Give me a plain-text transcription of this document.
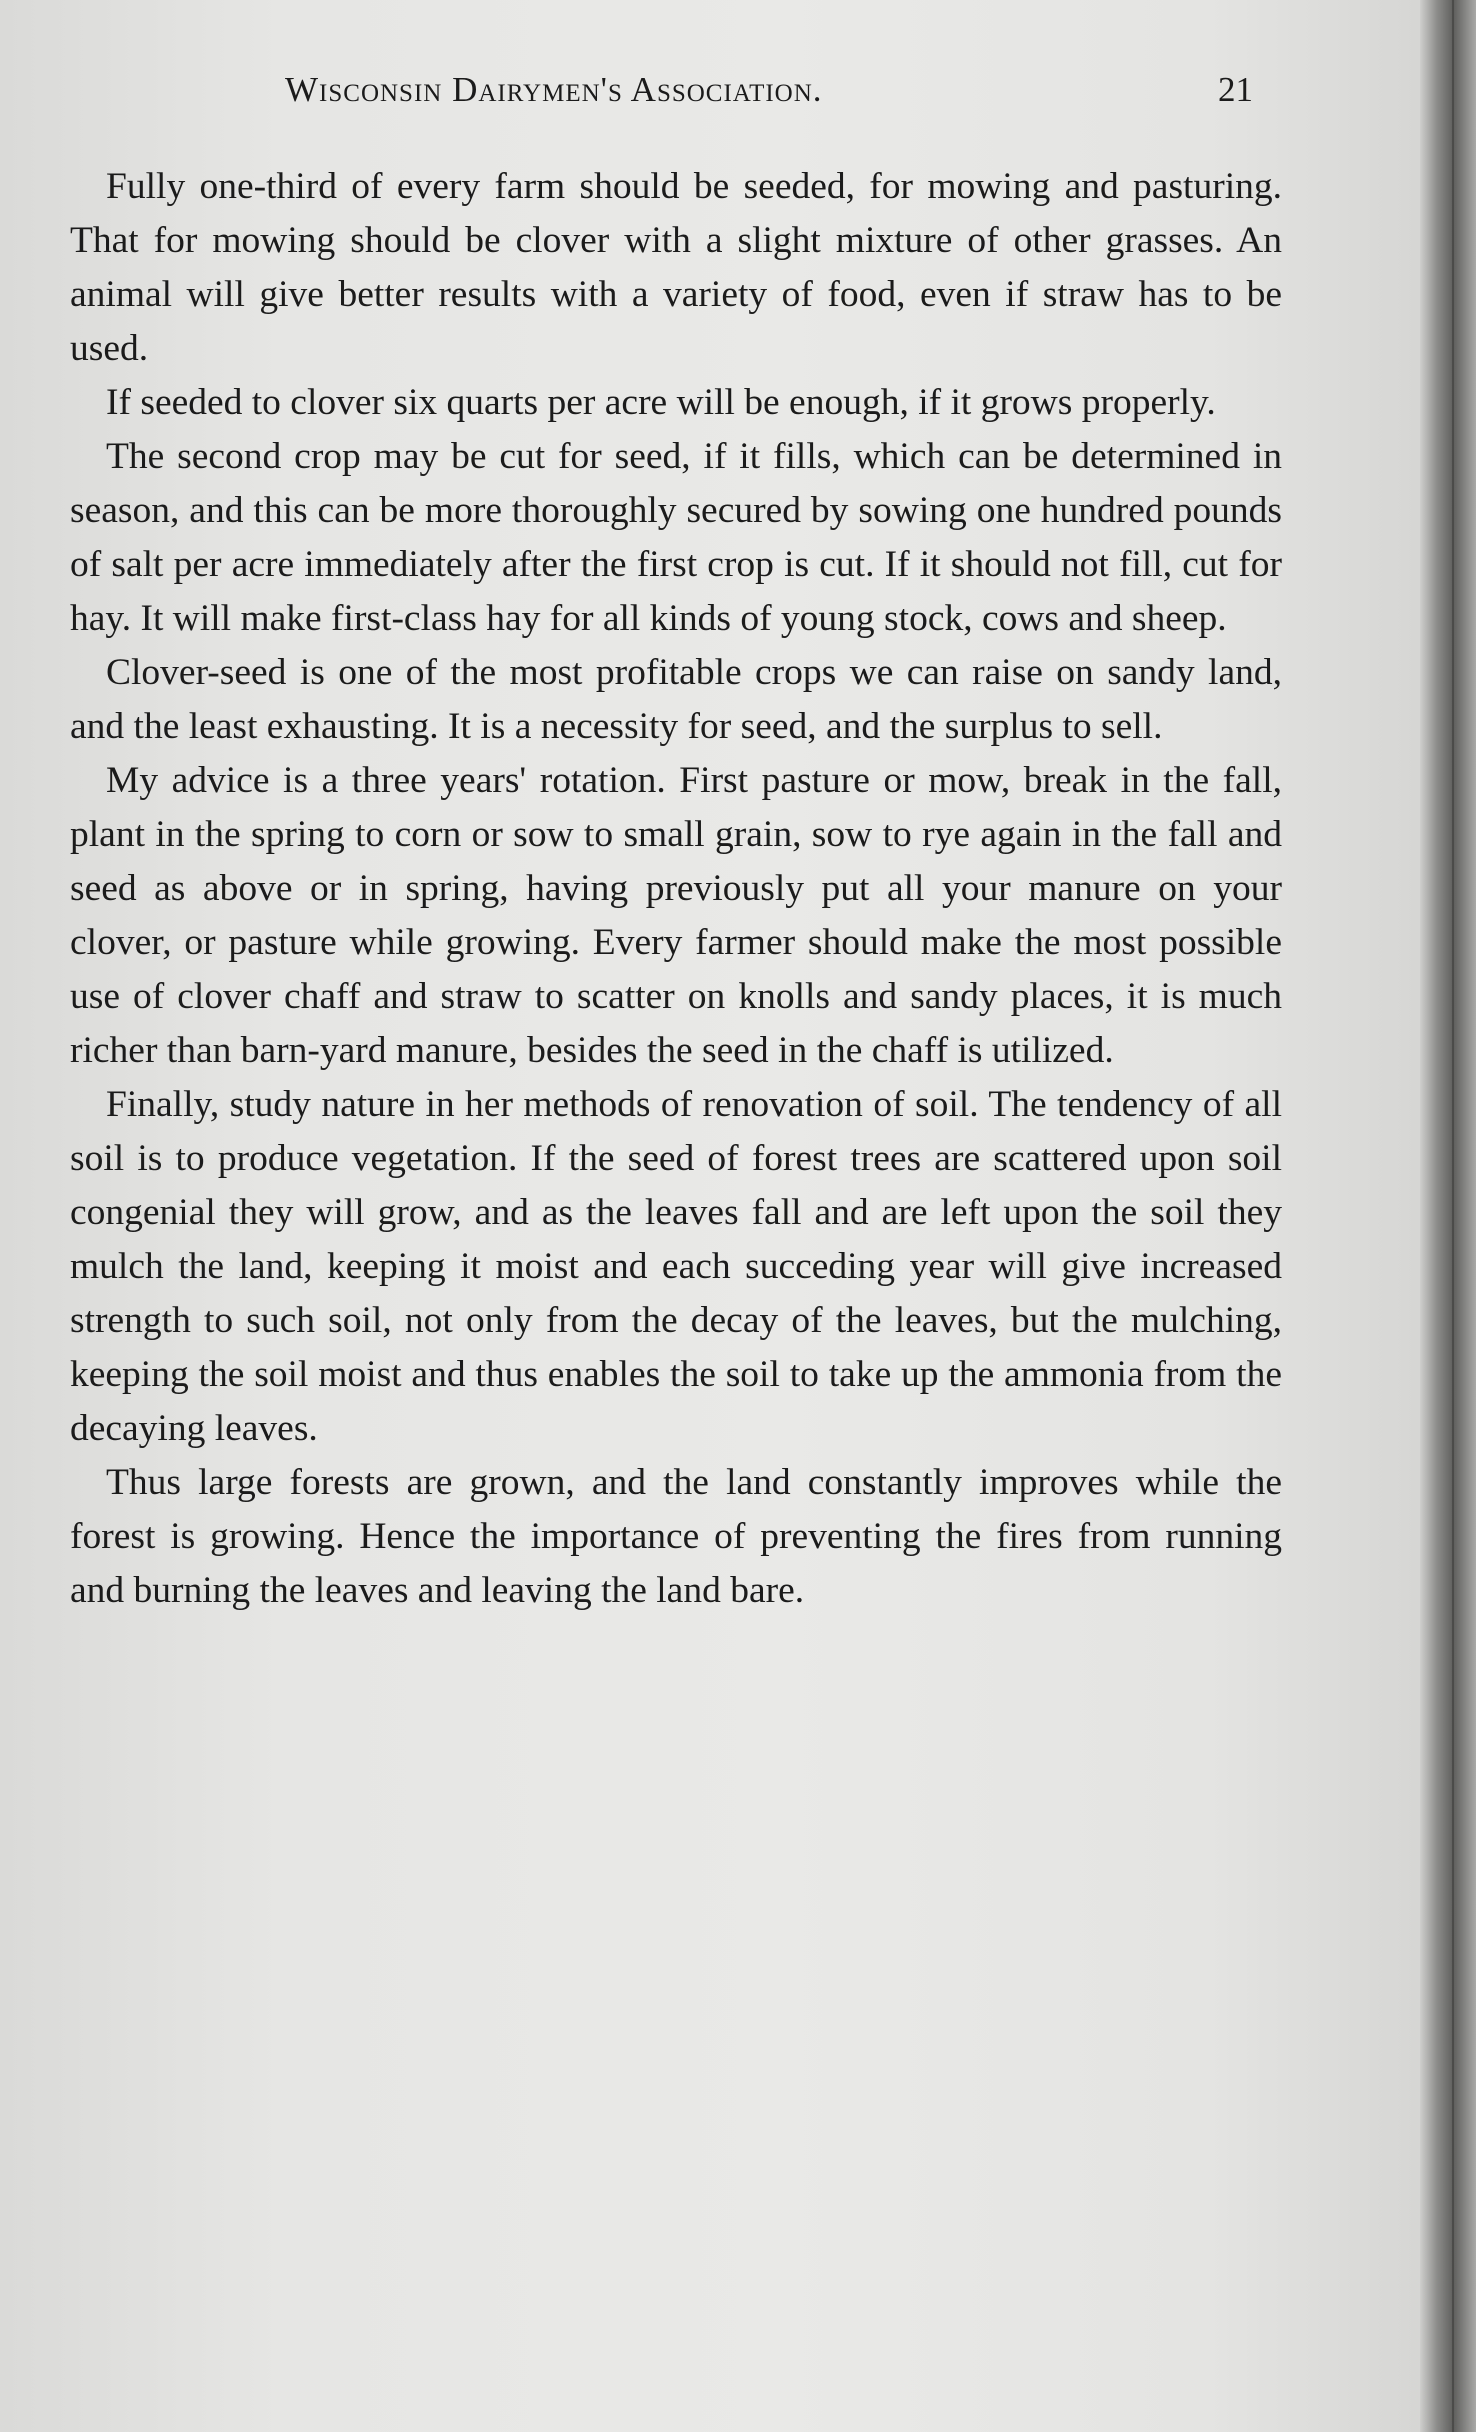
Wisconsin Dairymen's Association.	21

Fully one-third of every farm should be seeded, for mowing and pasturing. That for mowing should be clover with a slight mixture of other grasses. An animal will give better results with a variety of food, even if straw has to be used.

If seeded to clover six quarts per acre will be enough, if it grows properly.

The second crop may be cut for seed, if it fills, which can be determined in season, and this can be more thoroughly secured by sowing one hundred pounds of salt per acre immediately after the first crop is cut. If it should not fill, cut for hay. It will make first-class hay for all kinds of young stock, cows and sheep.

Clover-seed is one of the most profitable crops we can raise on sandy land, and the least exhausting. It is a necessity for seed, and the surplus to sell.

My advice is a three years' rotation. First pasture or mow, break in the fall, plant in the spring to corn or sow to small grain, sow to rye again in the fall and seed as above or in spring, having previously put all your manure on your clover, or pasture while growing. Every farmer should make the most possible use of clover chaff and straw to scatter on knolls and sandy places, it is much richer than barn-yard manure, besides the seed in the chaff is utilized.

Finally, study nature in her methods of renovation of soil. The tendency of all soil is to produce vegetation. If the seed of forest trees are scattered upon soil congenial they will grow, and as the leaves fall and are left upon the soil they mulch the land, keeping it moist and each succeding year will give increased strength to such soil, not only from the decay of the leaves, but the mulching, keeping the soil moist and thus enables the soil to take up the ammonia from the decaying leaves.

Thus large forests are grown, and the land constantly improves while the forest is growing. Hence the importance of preventing the fires from running and burning the leaves and leaving the land bare.
